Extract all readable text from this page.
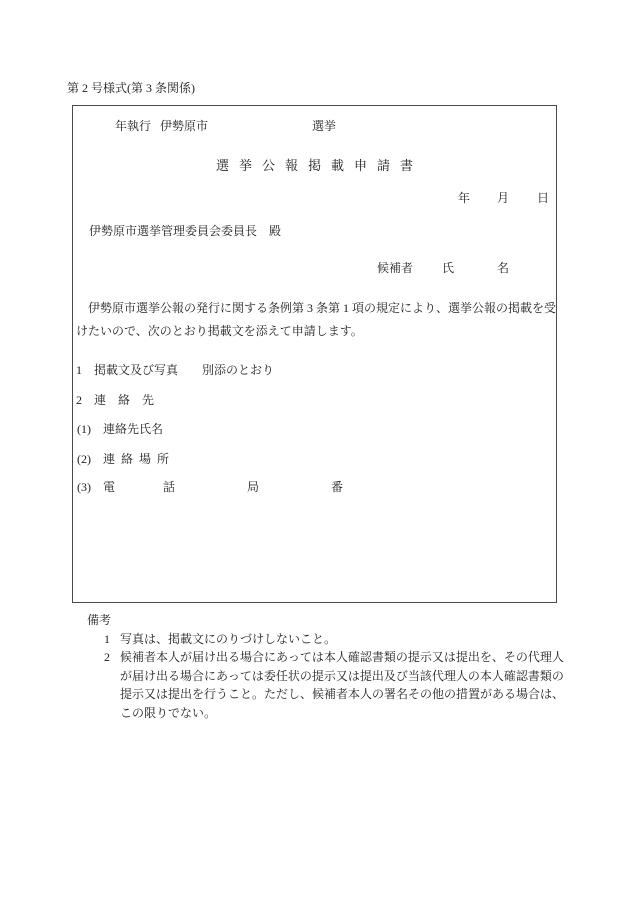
第 2 号様式(第 3 条関係)
年執行 伊勢原市	選挙
選挙公報掲載申請書
年 月 日
伊勢原市選挙管理委員会委員長　殿
候補者 氏	名
　伊勢原市選挙公報の発行に関する条例第 3 条第 1 項の規定により、選挙公報の掲載を受
けたいので、次のとおり掲載文を添えて申請します。
1　掲載文及び写真　　別添のとおり
2　連　絡　先
(1)　連絡先氏名
(2)　連 絡 場 所
(3)　電　　　　話　　　　　　局　　　　　　番
備考
1 写真は、掲載文にのりづけしないこと。
2 候補者本人が届け出る場合にあっては本人確認書類の提示又は提出を、その代理人
が届け出る場合にあっては委任状の提示又は提出及び当該代理人の本人確認書類の
提示又は提出を行うこと。ただし、候補者本人の署名その他の措置がある場合は、
この限りでない。
